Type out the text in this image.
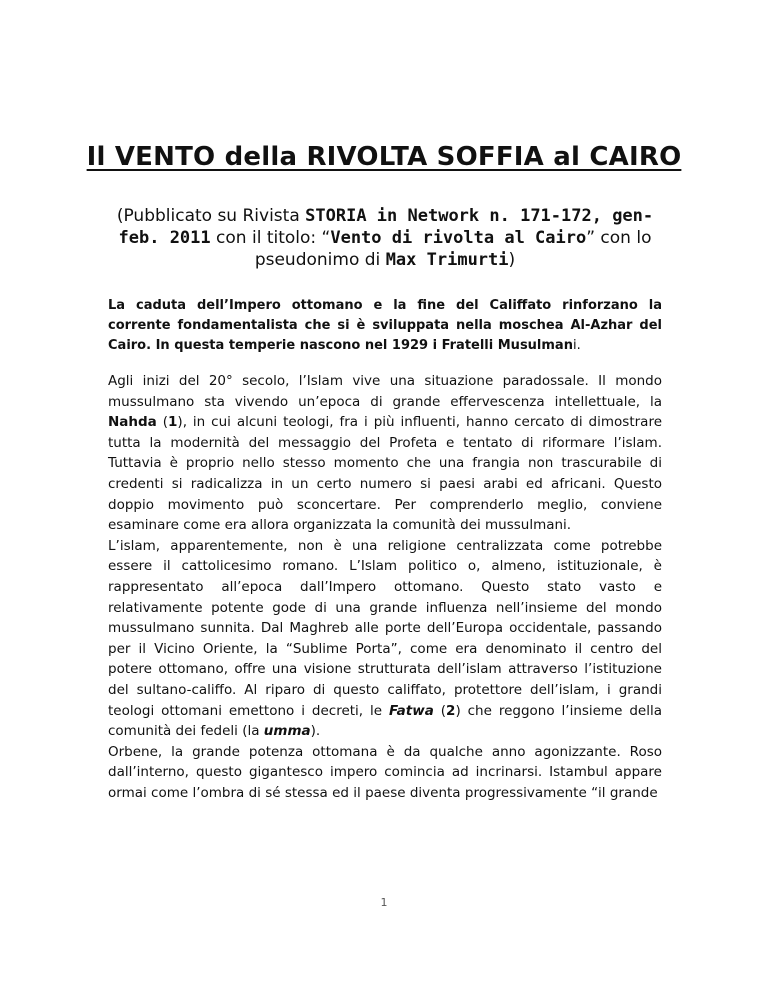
Il VENTO della RIVOLTA SOFFIA al CAIRO
(Pubblicato su Rivista STORIA in Network n. 171-172, gen-feb. 2011 con il titolo: “Vento di rivolta al Cairo” con lo pseudonimo di Max Trimurti)
La caduta dell’Impero ottomano e la fine del Califfato rinforzano la corrente fondamentalista che si è sviluppata nella moschea Al-Azhar del Cairo. In questa temperie nascono nel 1929 i Fratelli Musulmani.

Agli inizi del 20° secolo, l’Islam vive una situazione paradossale. Il mondo mussulmano sta vivendo un’epoca di grande effervescenza intellettuale, la Nahda (1), in cui alcuni teologi, fra i più influenti, hanno cercato di dimostrare tutta la modernità del messaggio del Profeta e tentato di riformare l’islam. Tuttavia è proprio nello stesso momento che una frangia non trascurabile di credenti si radicalizza in un certo numero si paesi arabi ed africani. Questo doppio movimento può sconcertare. Per comprenderlo meglio, conviene esaminare come era allora organizzata la comunità dei mussulmani.

L’islam, apparentemente, non è una religione centralizzata come potrebbe essere il cattolicesimo romano. L’Islam politico o, almeno, istituzionale, è rappresentato all’epoca dall’Impero ottomano. Questo stato vasto e relativamente potente gode di una grande influenza nell’insieme del mondo mussulmano sunnita. Dal Maghreb alle porte dell’Europa occidentale, passando per il Vicino Oriente, la “Sublime Porta”, come era denominato il centro del potere ottomano, offre una visione strutturata dell’islam attraverso l’istituzione del sultano-califfo. Al riparo di questo califfato, protettore dell’islam, i grandi teologi ottomani emettono i decreti, le Fatwa (2) che reggono l’insieme della comunità dei fedeli (la umma).

Orbene, la grande potenza ottomana è da qualche anno agonizzante. Roso dall’interno, questo gigantesco impero comincia ad incrinarsi. Istambul appare ormai come l’ombra di sé stessa ed il paese diventa progressivamente “il grande

1
